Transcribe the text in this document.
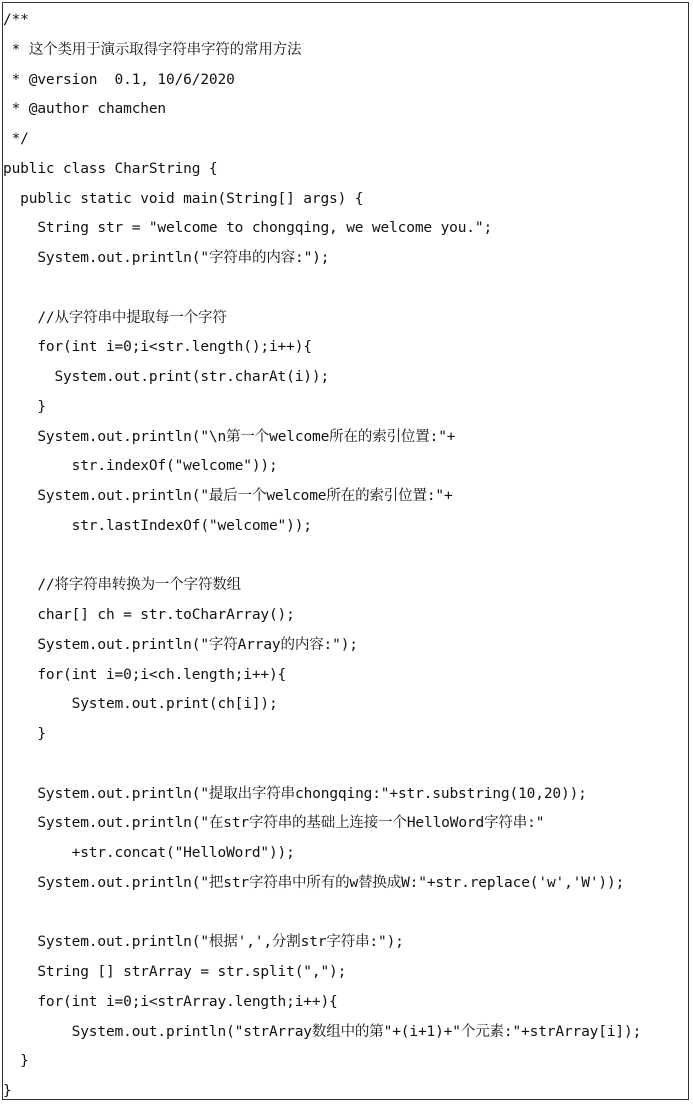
/**
* 这个类用于演示取得字符串字符的常用方法
* @version  0.1, 10/6/2020
* @author chamchen
*/
public class CharString {
public static void main(String[] args) {
String str = "welcome to chongqing, we welcome you.";
System.out.println("字符串的内容:");

//从字符串中提取每一个字符
for(int i=0;i<str.length();i++){
System.out.print(str.charAt(i));
}
System.out.println("\n第一个welcome所在的索引位置:"+
str.indexOf("welcome"));
System.out.println("最后一个welcome所在的索引位置:"+
str.lastIndexOf("welcome"));

//将字符串转换为一个字符数组
char[] ch = str.toCharArray();
System.out.println("字符Array的内容:");
for(int i=0;i<ch.length;i++){
System.out.print(ch[i]);
}

System.out.println("提取出字符串chongqing:"+str.substring(10,20));
System.out.println("在str字符串的基础上连接一个HelloWord字符串:"
+str.concat("HelloWord"));
System.out.println("把str字符串中所有的w替换成W:"+str.replace('w','W'));

System.out.println("根据',',分割str字符串:");
String [] strArray = str.split(",");
for(int i=0;i<strArray.length;i++){
System.out.println("strArray数组中的第"+(i+1)+"个元素:"+strArray[i]);
}
}
